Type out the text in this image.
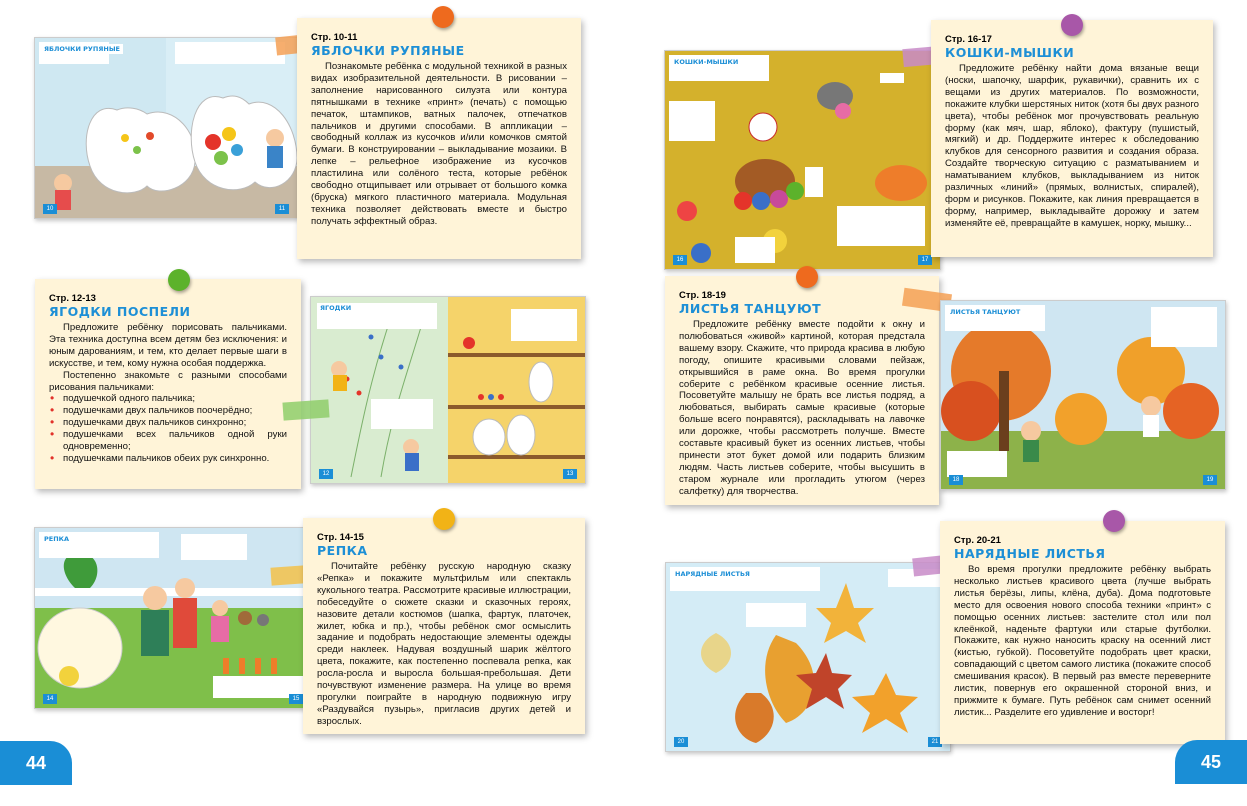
ЯБЛОЧКИ РУПЯНЫЕ
10	11
Стр. 10-11
ЯБЛОЧКИ РУПЯНЫЕ

Познакомьте ребёнка с модульной техникой в разных видах изобразительной деятельности. В рисовании – заполнение нарисованного силуэта или контура пятнышками в технике «принт» (печать) с помощью печаток, штампиков, ватных палочек, отпечатков пальчиков и другими способами. В аппликации – свободный коллаж из кусочков и/или комочков смятой бумаги. В конструировании – выкладывание мозаики. В лепке – рельефное изображение из кусочков пластилина или солёного теста, которые ребёнок свободно отщипывает или отрывает от большого комка (бруска) мягкого пластичного материала. Модульная техника позволяет действовать вместе и быстро получать эффектный образ.

КОШКИ-МЫШКИ
16	17
Стр. 16-17
КОШКИ-МЫШКИ

Предложите ребёнку найти дома вязаные вещи (носки, шапочку, шарфик, рукавички), сравнить их с вещами из других материалов. По возможности, покажите клубки шерстяных ниток (хотя бы двух разного цвета), чтобы ребёнок мог прочувствовать реальную форму (как мяч, шар, яблоко), фактуру (пушистый, мягкий) и др. Поддержите интерес к обследованию клубков для сенсорного развития и создания образа. Создайте творческую ситуацию с разматыванием и наматыванием клубков, выкладыванием из ниток различных «линий» (прямых, волнистых, спиралей), форм и рисунков. Покажите, как линия превращается в форму, например, выкладывайте дорожку и затем изменяйте её, превращайте в камушек, норку, мышку...

Стр. 12-13
ЯГОДКИ ПОСПЕЛИ

Предложите ребёнку порисовать пальчиками. Эта техника доступна всем детям без исключения: и юным дарованиям, и тем, кто делает первые шаги в искусстве, и тем, кому нужна особая поддержка.

Постепенно знакомьте с разными способами рисования пальчиками:

• подушечкой одного пальчика;
• подушечками двух пальчиков поочерёдно;
• подушечками двух пальчиков синхронно;
• подушечками всех пальчиков одной руки одновременно;
• подушечками пальчиков обеих рук синхронно.
ЯГОДКИ
12	13
Стр. 18-19
ЛИСТЬЯ ТАНЦУЮТ

Предложите ребёнку вместе подойти к окну и полюбоваться «живой» картиной, которая предстала вашему взору. Скажите, что природа красива в любую погоду, опишите красивыми словами пейзаж, открывшийся в раме окна. Во время прогулки соберите с ребёнком красивые осенние листья. Посоветуйте малышу не брать все листья подряд, а любоваться, выбирать самые красивые (которые больше всего понравятся), раскладывать на лавочке или дорожке, чтобы рассмотреть получше. Вместе составьте красивый букет из осенних листьев, чтобы принести этот букет домой или подарить близким людям. Часть листьев соберите, чтобы высушить в старом журнале или прогладить утюгом (через салфетку) для творчества.

ЛИСТЬЯ ТАНЦУЮТ
18	19
РЕПКА
14	15
Стр. 14-15
РЕПКА

Почитайте ребёнку русскую народную сказку «Репка» и покажите мультфильм или спектакль кукольного театра. Рассмотрите красивые иллюстрации, побеседуйте о сюжете сказки и сказочных героях, назовите детали костюмов (шапка, фартук, платочек, жилет, юбка и пр.), чтобы ребёнок смог осмыслить задание и подобрать недостающие элементы одежды среди наклеек. Надувая воздушный шарик жёлтого цвета, покажите, как постепенно поспевала репка, как росла-росла и выросла большая-пребольшая. Дети почувствуют изменение размера. На улице во время прогулки поиграйте в народную подвижную игру «Раздувайся пузырь», пригласив других детей и взрослых.

НАРЯДНЫЕ ЛИСТЬЯ
20	21
Стр. 20-21
НАРЯДНЫЕ ЛИСТЬЯ

Во время прогулки предложите ребёнку выбрать несколько листьев красивого цвета (лучше выбрать листья берёзы, липы, клёна, дуба). Дома подготовьте место для освоения нового способа техники «принт» с помощью осенних листьев: застелите стол или пол клеёнкой, наденьте фартуки или старые футболки. Покажите, как нужно наносить краску на осенний лист (кистью, губкой). Посоветуйте подобрать цвет краски, совпадающий с цветом самого листика (покажите способ смешивания красок). В первый раз вместе переверните листик, повернув его окрашенной стороной вниз, и прижмите к бумаге. Путь ребёнок сам снимет осенний листик... Разделите его удивление и восторг!

44	45
